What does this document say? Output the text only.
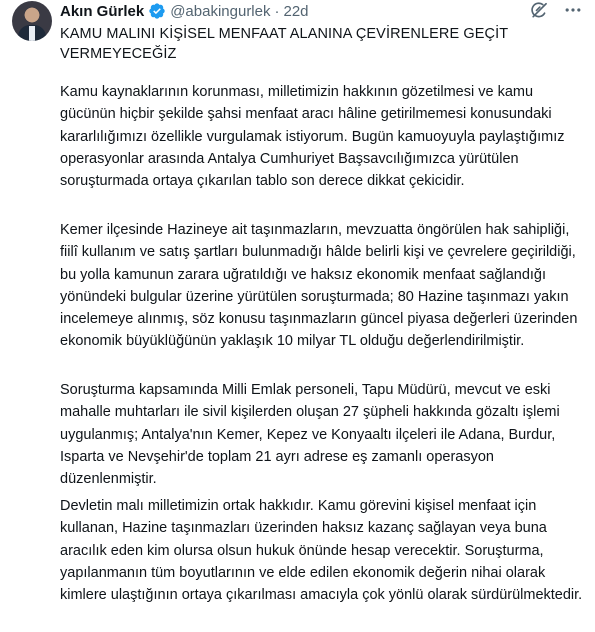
Akın Gürlek @abakingurlek · 22d
KAMU MALINI KİŞİSEL MENFAAT ALANINA ÇEVİRENLERE GEÇİT VERMEYECEĞİZ
Kamu kaynaklarının korunması, milletimizin hakkının gözetilmesi ve kamu gücünün hiçbir şekilde şahsi menfaat aracı hâline getirilmemesi konusundaki kararlılığımızı özellikle vurgulamak istiyorum. Bugün kamuoyuyla paylaştığımız operasyonlar arasında Antalya Cumhuriyet Başsavcılığımızca yürütülen soruşturmada ortaya çıkarılan tablo son derece dikkat çekicidir.
Kemer ilçesinde Hazineye ait taşınmazların, mevzuatta öngörülen hak sahipliği, fiilî kullanım ve satış şartları bulunmadığı hâlde belirli kişi ve çevrelere geçirildiği, bu yolla kamunun zarara uğratıldığı ve haksız ekonomik menfaat sağlandığı yönündeki bulgular üzerine yürütülen soruşturmada; 80 Hazine taşınmazı yakın incelemeye alınmış, söz konusu taşınmazların güncel piyasa değerleri üzerinden ekonomik büyüklüğünün yaklaşık 10 milyar TL olduğu değerlendirilmiştir.
Soruşturma kapsamında Milli Emlak personeli, Tapu Müdürü, mevcut ve eski mahalle muhtarları ile sivil kişilerden oluşan 27 şüpheli hakkında gözaltı işlemi uygulanmış; Antalya'nın Kemer, Kepez ve Konyaaltı ilçeleri ile Adana, Burdur, Isparta ve Nevşehir'de toplam 21 ayrı adrese eş zamanlı operasyon düzenlenmiştir.
Devletin malı milletimizin ortak hakkıdır. Kamu görevini kişisel menfaat için kullanan, Hazine taşınmazları üzerinden haksız kazanç sağlayan veya buna aracılık eden kim olursa olsun hukuk önünde hesap verecektir. Soruşturma, yapılanmanın tüm boyutlarının ve elde edilen ekonomik değerin nihai olarak kimlere ulaştığının ortaya çıkarılması amacıyla çok yönlü olarak sürdürülmektedir.
